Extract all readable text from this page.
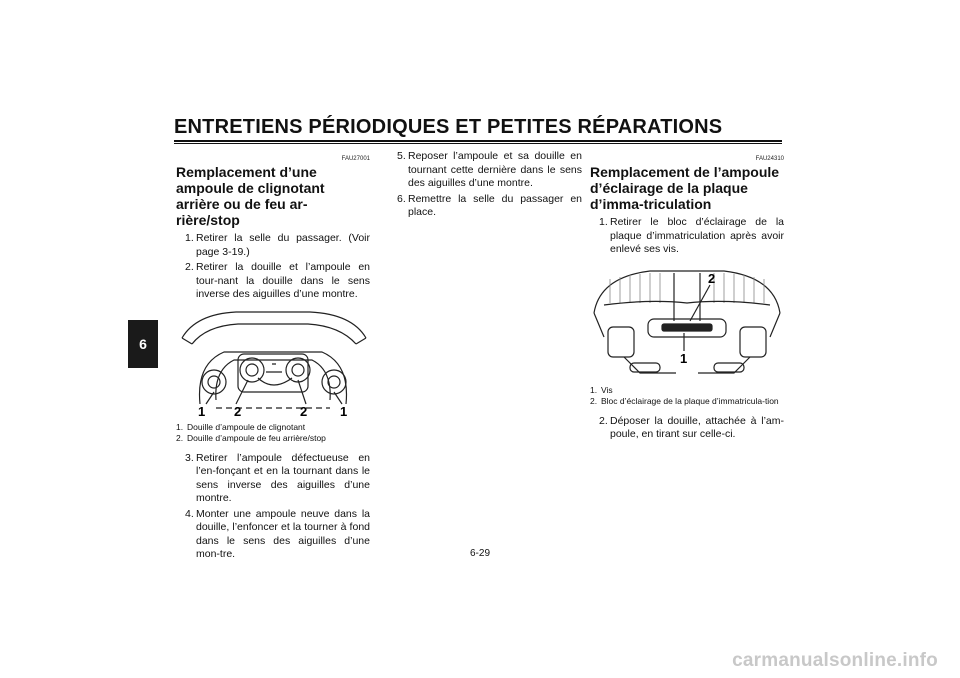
ENTRETIENS PÉRIODIQUES ET PETITES RÉPARATIONS
6
FAU27001
Remplacement d’une ampoule de clignotant arrière ou de feu ar-rière/stop
1. Retirer la selle du passager. (Voir page 3-19.)
2. Retirer la douille et l’ampoule en tour-nant la douille dans le sens inverse des aiguilles d’une montre.
1 2	2	1
1. Douille d’ampoule de clignotant
2. Douille d’ampoule de feu arrière/stop
3. Retirer l’ampoule défectueuse en l’en-fonçant et en la tournant dans le sens inverse des aiguilles d’une montre.
4. Monter une ampoule neuve dans la douille, l’enfoncer et la tourner à fond dans le sens des aiguilles d’une mon-tre.
5. Reposer l’ampoule et sa douille en tournant cette dernière dans le sens des aiguilles d’une montre.
6. Remettre la selle du passager en place.
FAU24310
Remplacement de l’ampoule d’éclairage de la plaque d’imma-triculation
1. Retirer le bloc d’éclairage de la plaque d’immatriculation après avoir enlevé ses vis.
2
1
1. Vis
2. Bloc d’éclairage de la plaque d’immatricula-tion
2. Déposer la douille, attachée à l’am-poule, en tirant sur celle-ci.
6-29
carmanualsonline.info
